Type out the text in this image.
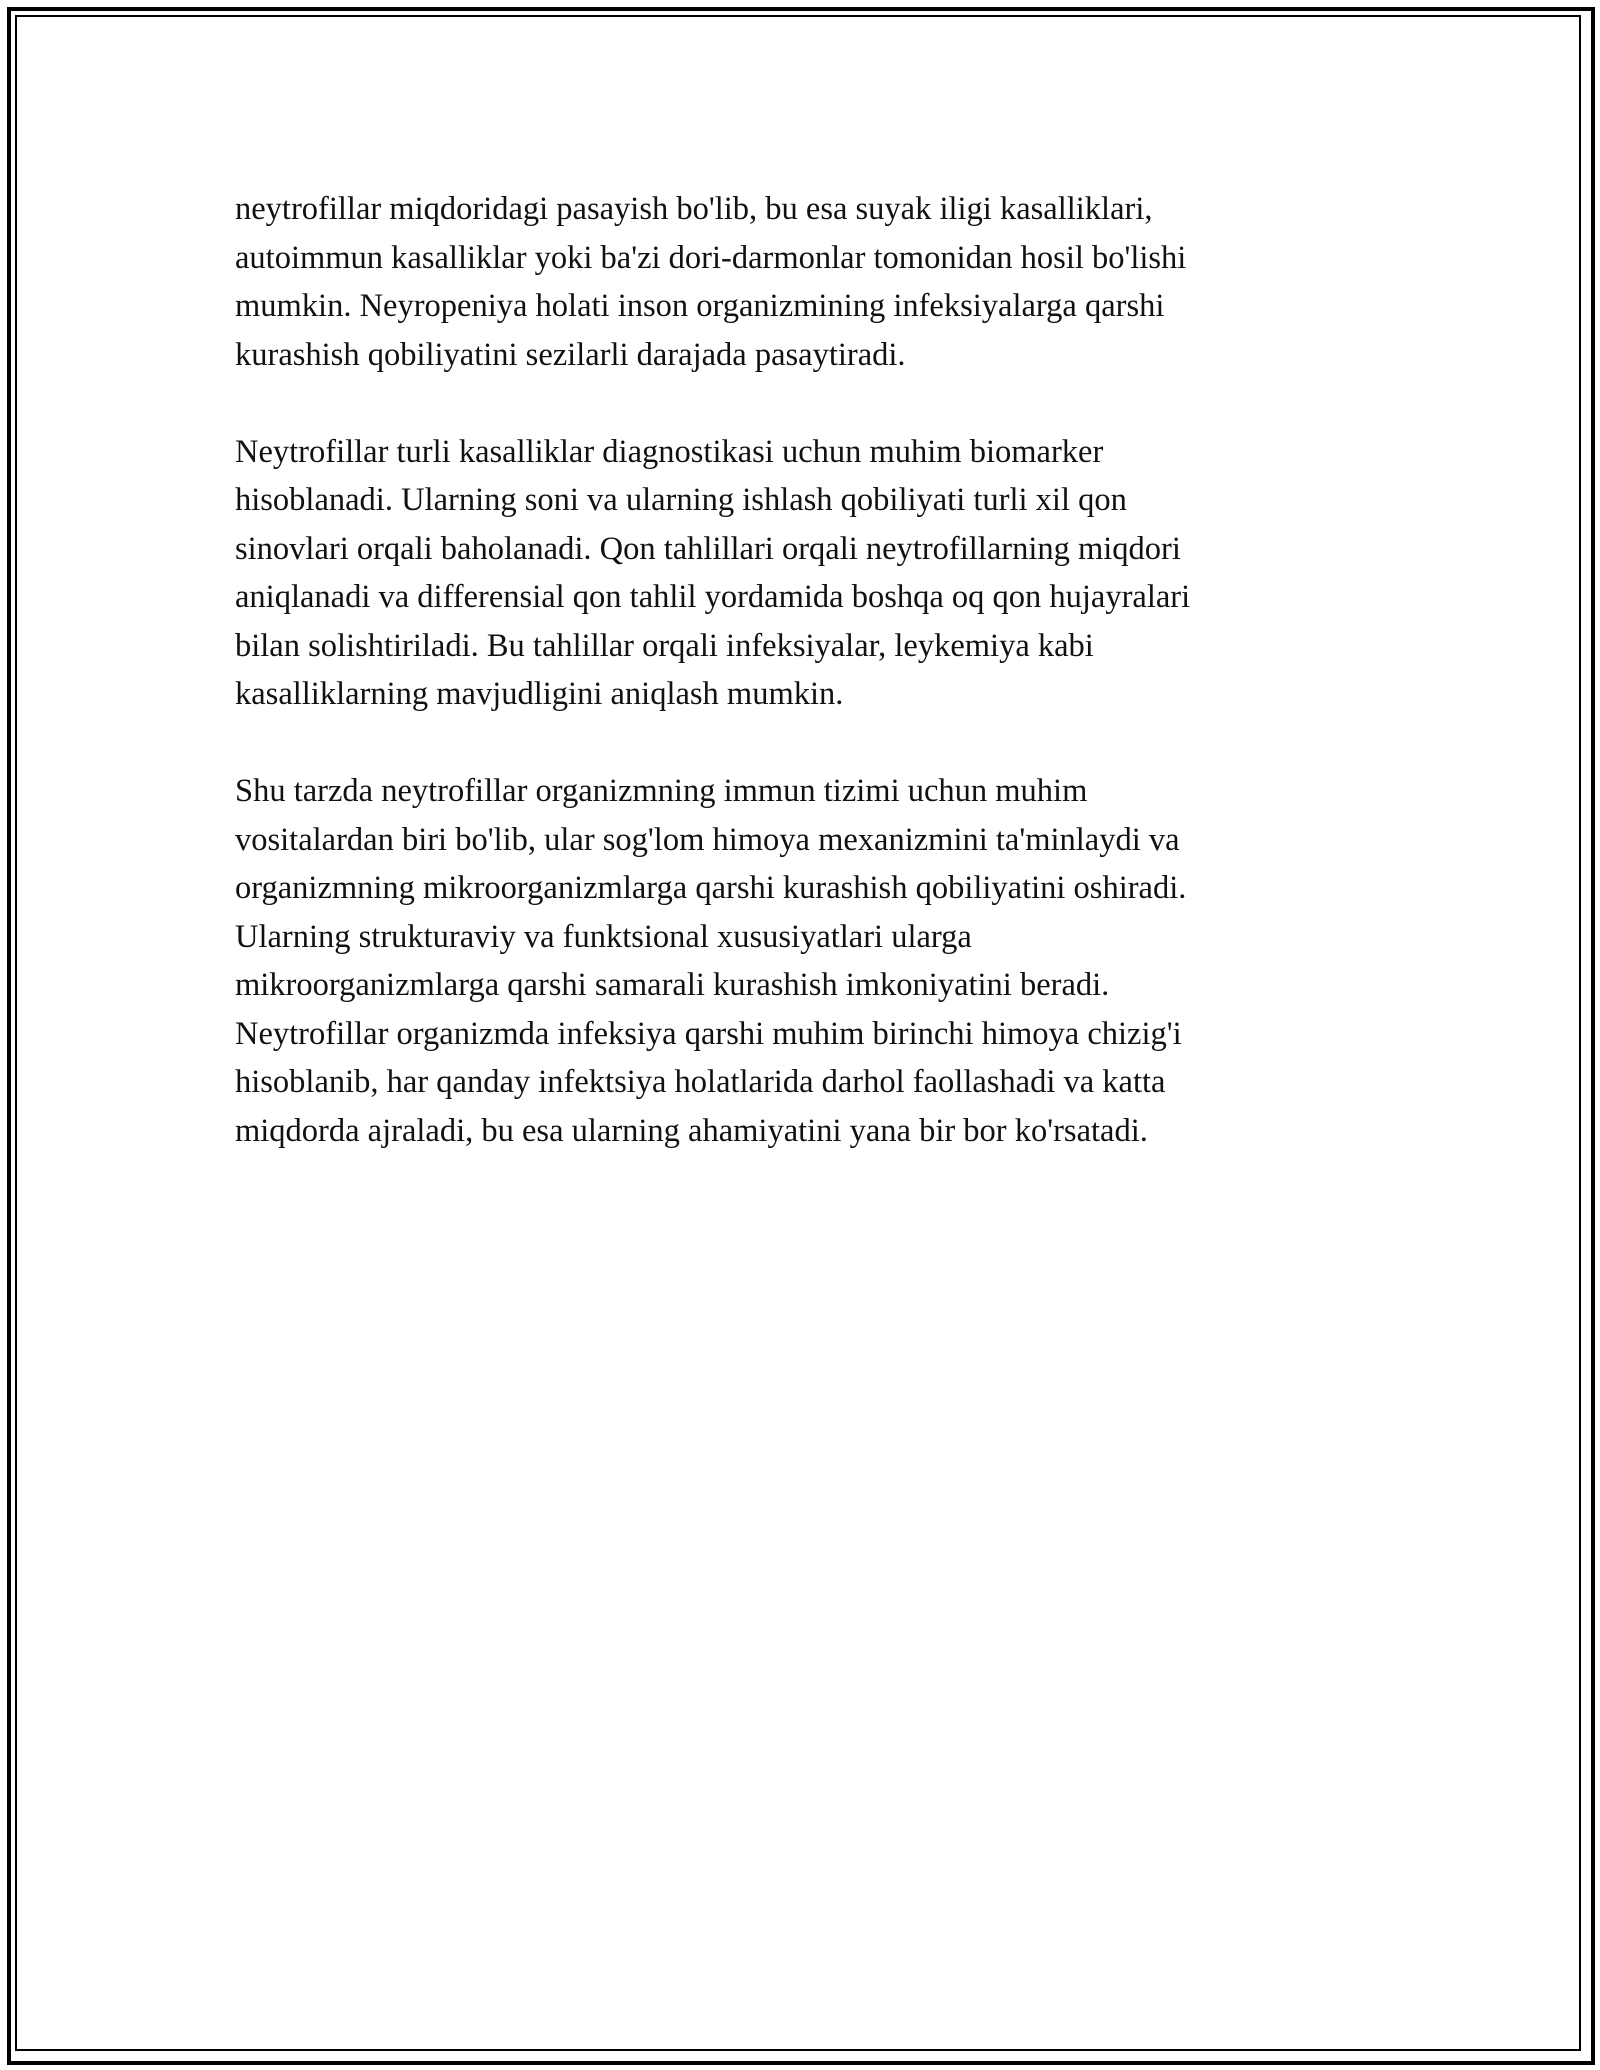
neytrofillar miqdoridagi pasayish bo'lib, bu esa suyak iligi kasalliklari,
autoimmun kasalliklar yoki ba'zi dori-darmonlar tomonidan hosil bo'lishi
mumkin. Neyropeniya holati inson organizmining infeksiyalarga qarshi
kurashish qobiliyatini sezilarli darajada pasaytiradi.

Neytrofillar turli kasalliklar diagnostikasi uchun muhim biomarker
hisoblanadi. Ularning soni va ularning ishlash qobiliyati turli xil qon
sinovlari orqali baholanadi. Qon tahlillari orqali neytrofillarning miqdori
aniqlanadi va differensial qon tahlil yordamida boshqa oq qon hujayralari
bilan solishtiriladi. Bu tahlillar orqali infeksiyalar, leykemiya kabi
kasalliklarning mavjudligini aniqlash mumkin.

Shu tarzda neytrofillar organizmning immun tizimi uchun muhim
vositalardan biri bo'lib, ular sog'lom himoya mexanizmini ta'minlaydi va
organizmning mikroorganizmlarga qarshi kurashish qobiliyatini oshiradi.
Ularning strukturaviy va funktsional xususiyatlari ularga
mikroorganizmlarga qarshi samarali kurashish imkoniyatini beradi.
Neytrofillar organizmda infeksiya qarshi muhim birinchi himoya chizig'i
hisoblanib, har qanday infektsiya holatlarida darhol faollashadi va katta
miqdorda ajraladi, bu esa ularning ahamiyatini yana bir bor ko'rsatadi.
